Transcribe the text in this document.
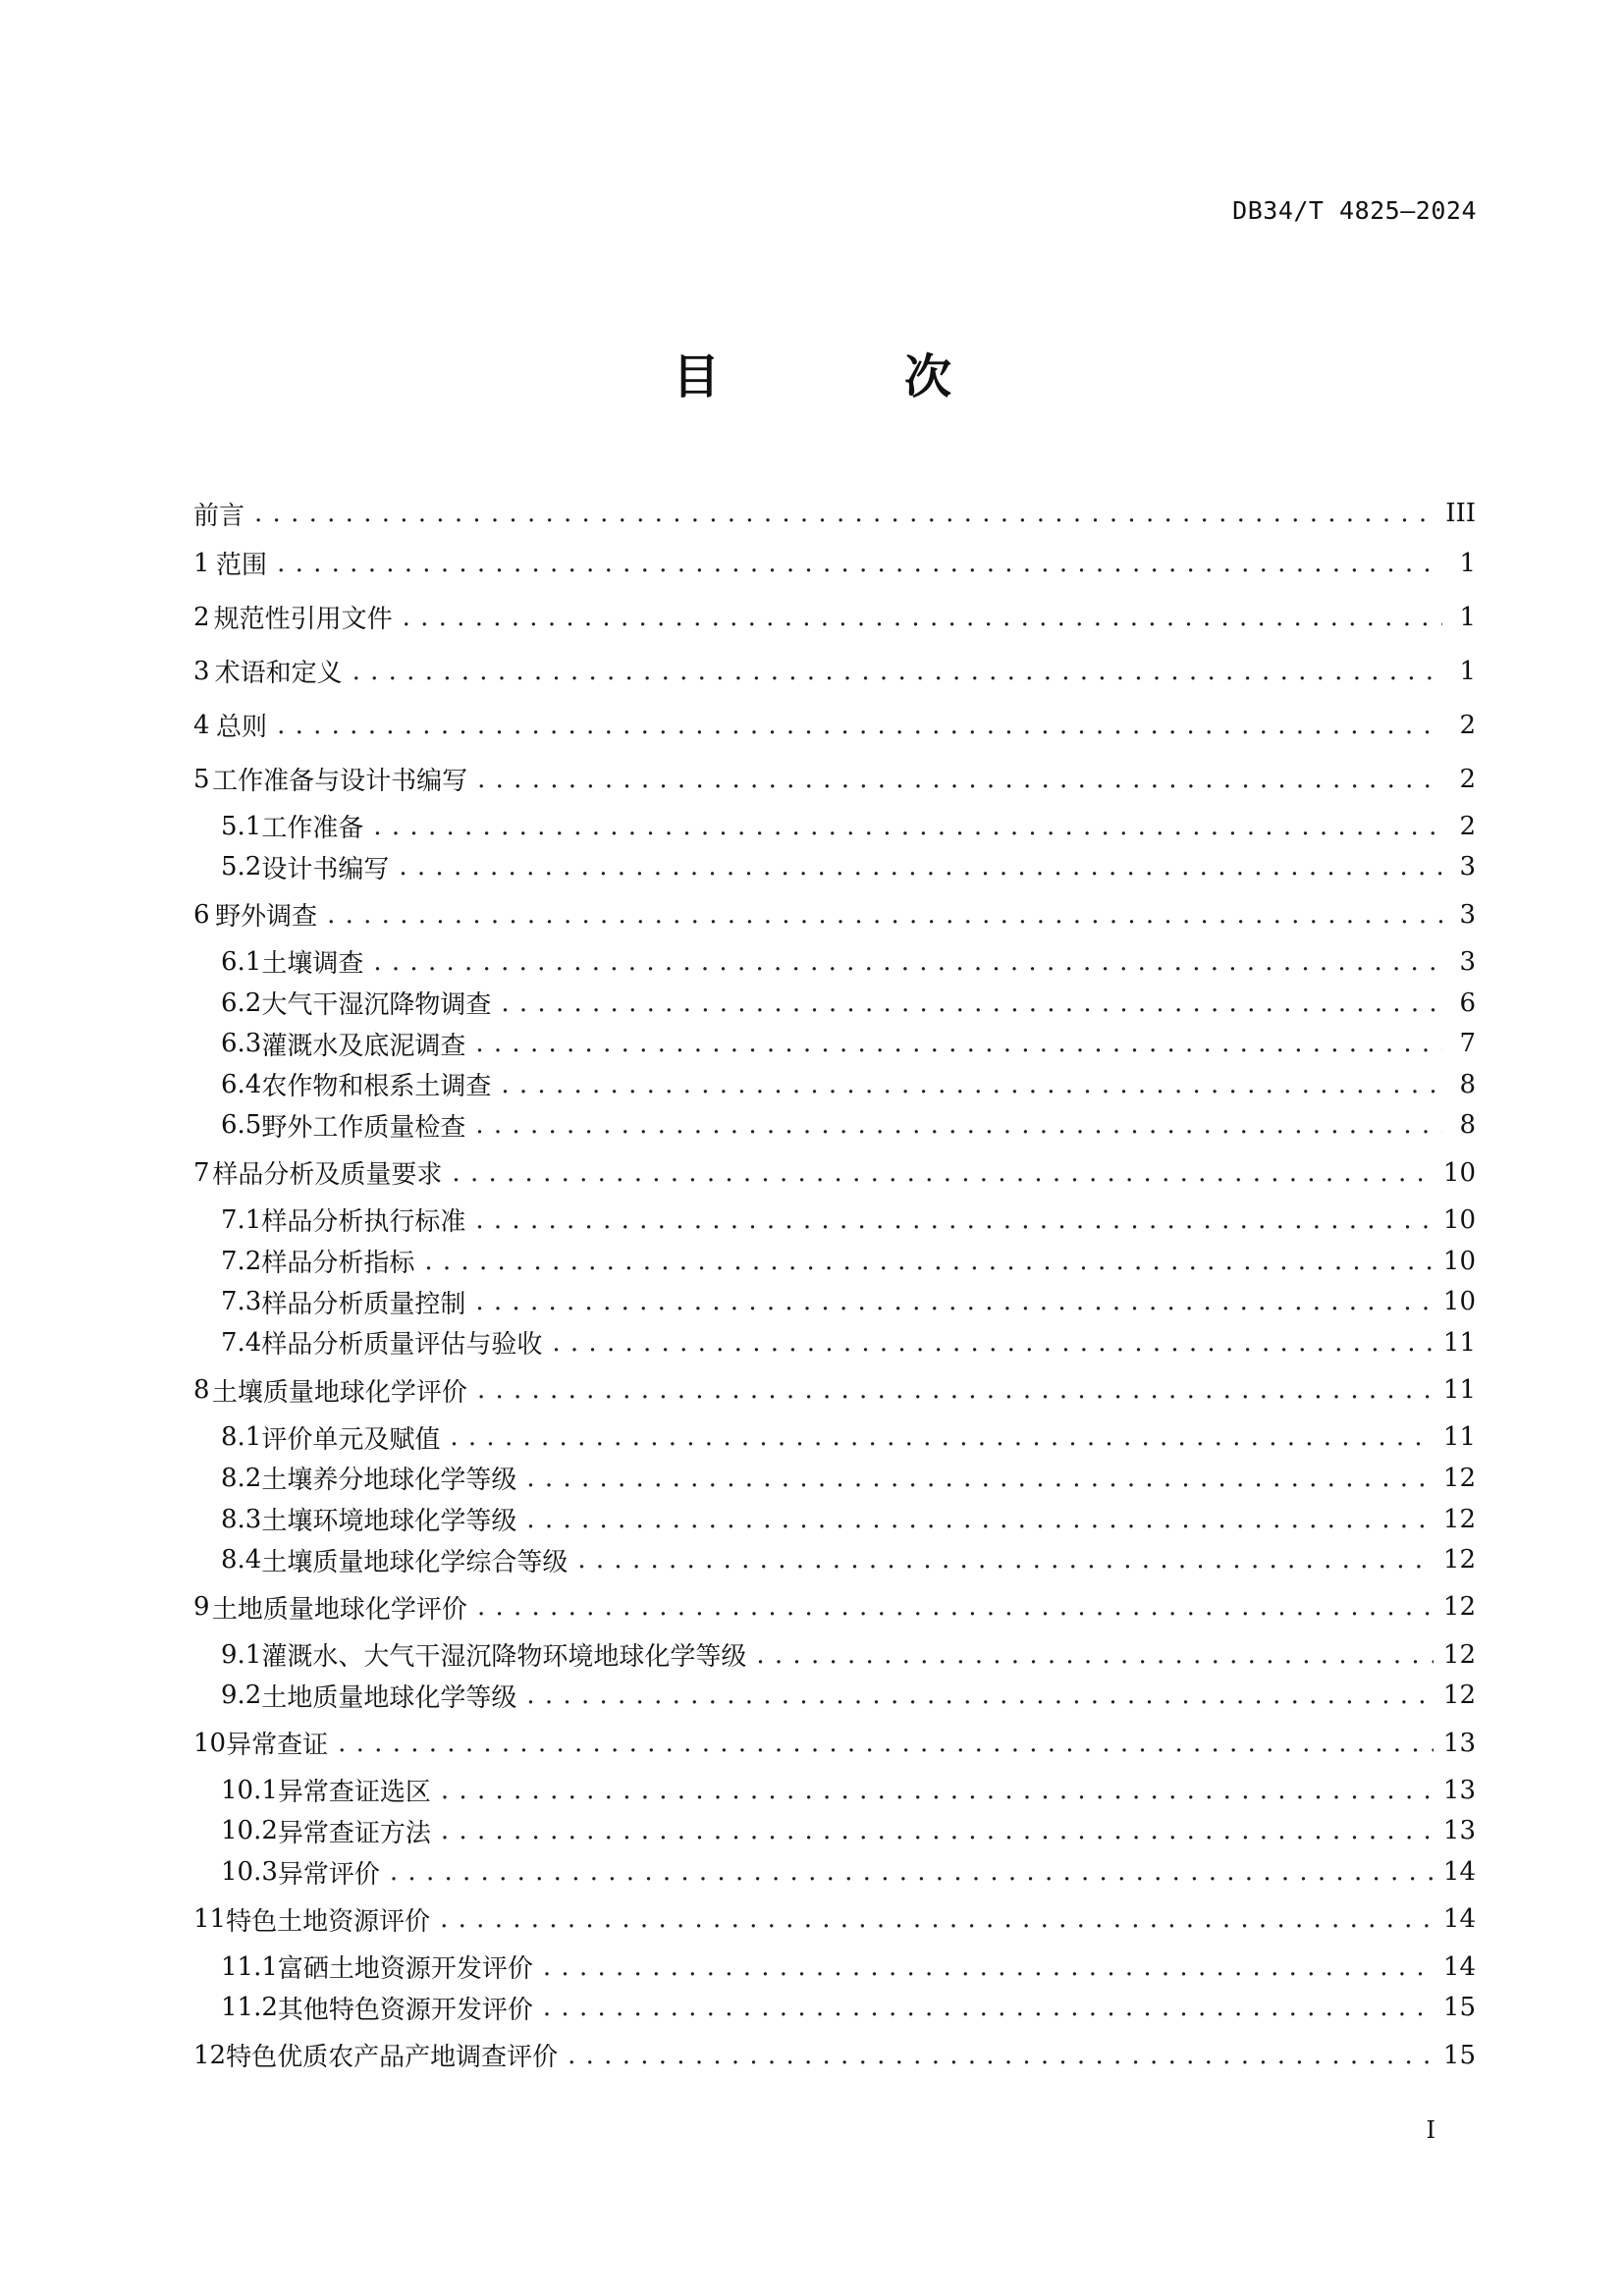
DB34/T 4825—2024
目　次
前言 . . .	III
1 范围 . . .	1
2 规范性引用文件 . . .	1
3 术语和定义 . . .	1
4 总则 . . .	2
5 工作准备与设计书编写 . . .	2
5.1 工作准备 . . .	2
5.2 设计书编写 . . .	3
6 野外调查 . . .	3
6.1 土壤调查 . . .	3
6.2 大气干湿沉降物调查 . . .	6
6.3 灌溉水及底泥调查 . . .	7
6.4 农作物和根系土调查 . . .	8
6.5 野外工作质量检查 . . .	8
7 样品分析及质量要求 . . .	10
7.1 样品分析执行标准 . . .	10
7.2 样品分析指标 . . .	10
7.3 样品分析质量控制 . . .	10
7.4 样品分析质量评估与验收 . . .	11
8 土壤质量地球化学评价 . . .	11
8.1 评价单元及赋值 . . .	11
8.2 土壤养分地球化学等级 . . .	12
8.3 土壤环境地球化学等级 . . .	12
8.4 土壤质量地球化学综合等级 . . .	12
9 土地质量地球化学评价 . . .	12
9.1 灌溉水、大气干湿沉降物环境地球化学等级 . . .	12
9.2 土地质量地球化学等级 . . .	12
10 异常查证 . . .	13
10.1 异常查证选区 . . .	13
10.2 异常查证方法 . . .	13
10.3 异常评价 . . .	14
11 特色土地资源评价 . . .	14
11.1 富硒土地资源开发评价 . . .	14
11.2 其他特色资源开发评价 . . .	15
12 特色优质农产品产地调查评价 . . .	15
I
